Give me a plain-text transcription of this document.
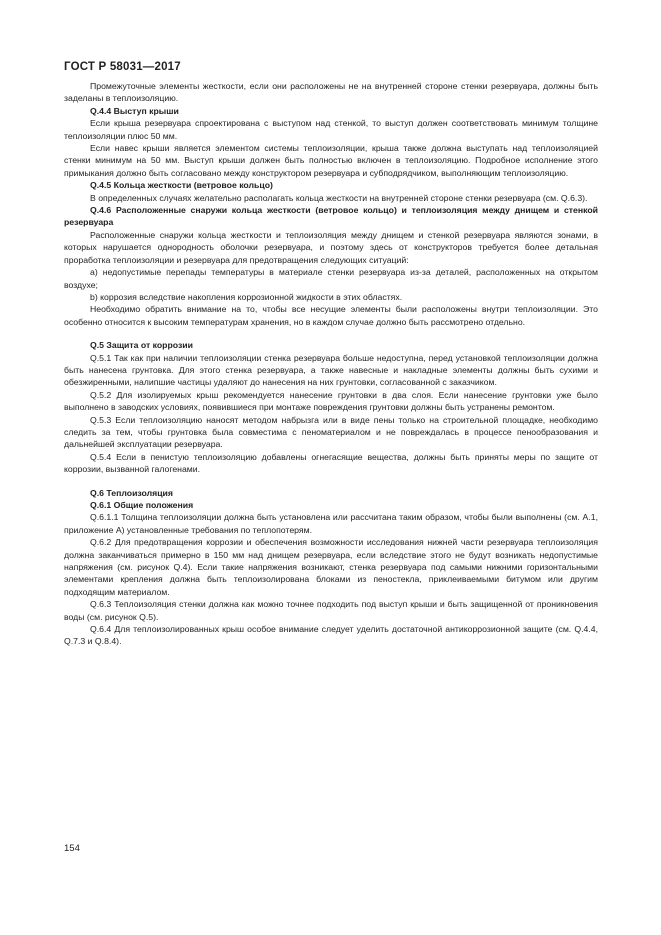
ГОСТ Р 58031—2017

Промежуточные элементы жесткости, если они расположены не на внутренней стороне стенки резервуара, должны быть заделаны в теплоизоляцию.

Q.4.4 Выступ крыши

Если крыша резервуара спроектирована с выступом над стенкой, то выступ должен соответствовать минимум толщине теплоизоляции плюс 50 мм.

Если навес крыши является элементом системы теплоизоляции, крыша также должна выступать над теплоизоляцией стенки минимум на 50 мм. Выступ крыши должен быть полностью включен в теплоизоляцию. Подробное исполнение этого примыкания должно быть согласовано между конструктором резервуара и субподрядчиком, выполняющим теплоизоляцию.

Q.4.5 Кольца жесткости (ветровое кольцо)

В определенных случаях желательно располагать кольца жесткости на внутренней стороне стенки резервуара (см. Q.6.3).

Q.4.6 Расположенные снаружи кольца жесткости (ветровое кольцо) и теплоизоляция между днищем и стенкой резервуара

Расположенные снаружи кольца жесткости и теплоизоляция между днищем и стенкой резервуара являются зонами, в которых нарушается однородность оболочки резервуара, и поэтому здесь от конструкторов требуется более детальная проработка теплоизоляции и резервуара для предотвращения следующих ситуаций:

а) недопустимые перепады температуры в материале стенки резервуара из-за деталей, расположенных на открытом воздухе;

b) коррозия вследствие накопления коррозионной жидкости в этих областях.

Необходимо обратить внимание на то, чтобы все несущие элементы были расположены внутри теплоизоляции. Это особенно относится к высоким температурам хранения, но в каждом случае должно быть рассмотрено отдельно.

Q.5 Защита от коррозии

Q.5.1 Так как при наличии теплоизоляции стенка резервуара больше недоступна, перед установкой теплоизоляции должна быть нанесена грунтовка. Для этого стенка резервуара, а также навесные и накладные элементы должны быть сухими и обезжиренными, налипшие частицы удаляют до нанесения на них грунтовки, согласованной с заказчиком.

Q.5.2 Для изолируемых крыш рекомендуется нанесение грунтовки в два слоя. Если нанесение грунтовки уже было выполнено в заводских условиях, появившиеся при монтаже повреждения грунтовки должны быть устранены ремонтом.

Q.5.3 Если теплоизоляцию наносят методом набрызга или в виде пены только на строительной площадке, необходимо следить за тем, чтобы грунтовка была совместима с пеноматериалом и не повреждалась в процессе пенообразования и дальнейшей эксплуатации резервуара.

Q.5.4 Если в пенистую теплоизоляцию добавлены огнегасящие вещества, должны быть приняты меры по защите от коррозии, вызванной галогенами.

Q.6 Теплоизоляция

Q.6.1 Общие положения

Q.6.1.1 Толщина теплоизоляции должна быть установлена или рассчитана таким образом, чтобы были выполнены (см. А.1, приложение А) установленные требования по теплопотерям.

Q.6.2 Для предотвращения коррозии и обеспечения возможности исследования нижней части резервуара теплоизоляция должна заканчиваться примерно в 150 мм над днищем резервуара, если вследствие этого не будут возникать недопустимые напряжения (см. рисунок Q.4). Если такие напряжения возникают, стенка резервуара под самыми нижними горизонтальными элементами крепления должна быть теплоизолирована блоками из пеностекла, приклеиваемыми битумом или другим подходящим материалом.

Q.6.3 Теплоизоляция стенки должна как можно точнее подходить под выступ крыши и быть защищенной от проникновения воды (см. рисунок Q.5).

Q.6.4 Для теплоизолированных крыш особое внимание следует уделить достаточной антикоррозионной защите (см. Q.4.4, Q.7.3 и Q.8.4).

154
